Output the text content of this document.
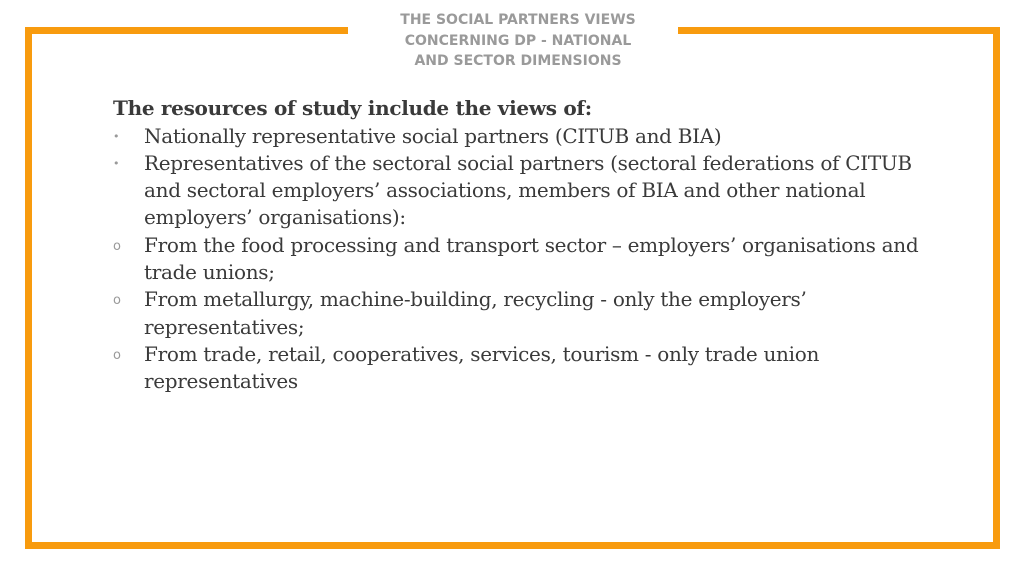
THE SOCIAL PARTNERS VIEWS
CONCERNING DP - NATIONAL
AND SECTOR DIMENSIONS

The resources of study include the views of:

•	Nationally representative social partners (CITUB and BIA)
•	Representatives of the sectoral social partners (sectoral federations of CITUB and sectoral employers’ associations, members of BIA and other national employers’ organisations):
o	From the food processing and transport sector – employers’ organisations and trade unions;
o	From metallurgy, machine-building, recycling - only the employers’ representatives;
o	From trade, retail, cooperatives, services, tourism - only trade union representatives
